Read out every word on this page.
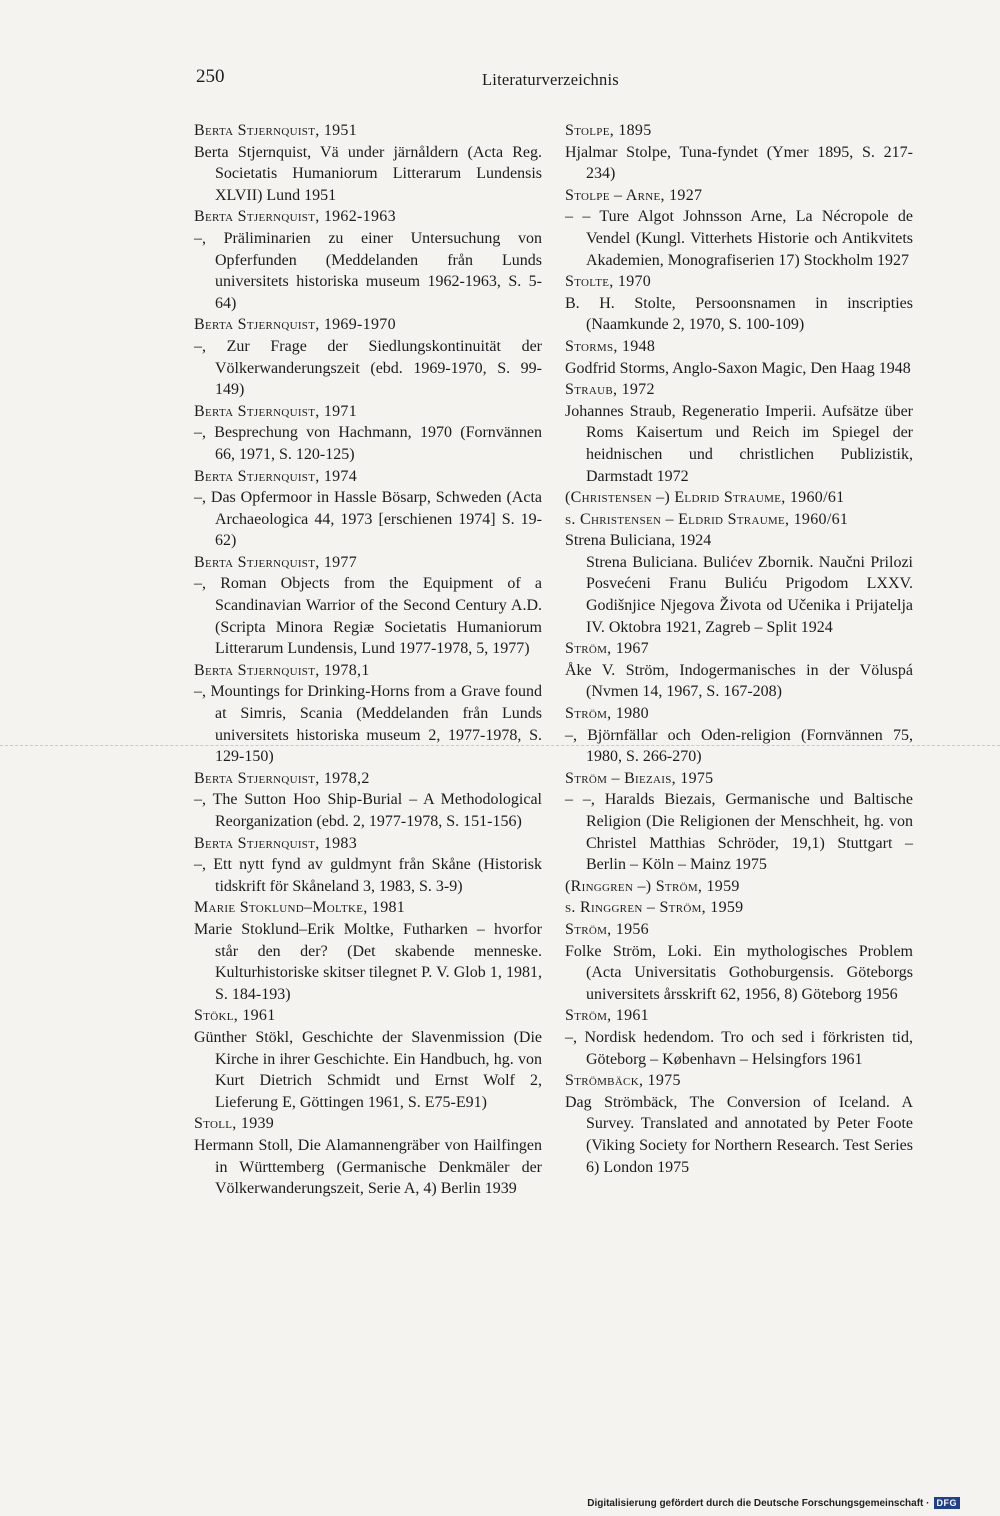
250	Literaturverzeichnis

Berta Stjernquist, 1951

Berta Stjernquist, Vä under järnåldern (Acta Reg. Societatis Humaniorum Litterarum Lundensis XLVII) Lund 1951

Berta Stjernquist, 1962-1963

–, Präliminarien zu einer Untersuchung von Opferfunden (Meddelanden från Lunds universitets historiska museum 1962-1963, S. 5-64)

Berta Stjernquist, 1969-1970

–, Zur Frage der Siedlungskontinuität der Völkerwanderungszeit (ebd. 1969-1970, S. 99-149)

Berta Stjernquist, 1971

–, Besprechung von Hachmann, 1970 (Fornvännen 66, 1971, S. 120-125)

Berta Stjernquist, 1974

–, Das Opfermoor in Hassle Bösarp, Schweden (Acta Archaeologica 44, 1973 [erschienen 1974] S. 19-62)

Berta Stjernquist, 1977

–, Roman Objects from the Equipment of a Scandinavian Warrior of the Second Century A.D. (Scripta Minora Regiæ Societatis Humaniorum Litterarum Lundensis, Lund 1977-1978, 5, 1977)

Berta Stjernquist, 1978,1

–, Mountings for Drinking-Horns from a Grave found at Simris, Scania (Meddelanden från Lunds universitets historiska museum 2, 1977-1978, S. 129-150)

Berta Stjernquist, 1978,2

–, The Sutton Hoo Ship-Burial – A Methodological Reorganization (ebd. 2, 1977-1978, S. 151-156)

Berta Stjernquist, 1983

–, Ett nytt fynd av guldmynt från Skåne (Historisk tidskrift för Skåneland 3, 1983, S. 3-9)

Marie Stoklund–Moltke, 1981

Marie Stoklund–Erik Moltke, Futharken – hvorfor står den der? (Det skabende menneske. Kulturhistoriske skitser tilegnet P. V. Glob 1, 1981, S. 184-193)

Stökl, 1961

Günther Stökl, Geschichte der Slavenmission (Die Kirche in ihrer Geschichte. Ein Handbuch, hg. von Kurt Dietrich Schmidt und Ernst Wolf 2, Lieferung E, Göttingen 1961, S. E75-E91)

Stoll, 1939

Hermann Stoll, Die Alamannengräber von Hailfingen in Württemberg (Germanische Denkmäler der Völkerwanderungszeit, Serie A, 4) Berlin 1939

Stolpe, 1895

Hjalmar Stolpe, Tuna-fyndet (Ymer 1895, S. 217-234)

Stolpe – Arne, 1927

– – Ture Algot Johnsson Arne, La Nécropole de Vendel (Kungl. Vitterhets Historie och Antikvitets Akademien, Monografiserien 17) Stockholm 1927

Stolte, 1970

B. H. Stolte, Persoonsnamen in inscripties (Naamkunde 2, 1970, S. 100-109)

Storms, 1948

Godfrid Storms, Anglo-Saxon Magic, Den Haag 1948

Straub, 1972

Johannes Straub, Regeneratio Imperii. Aufsätze über Roms Kaisertum und Reich im Spiegel der heidnischen und christlichen Publizistik, Darmstadt 1972

(Christensen –) Eldrid Straume, 1960/61

s. Christensen – Eldrid Straume, 1960/61

Strena Buliciana, 1924

Strena Buliciana. Bulićev Zbornik. Naučni Prilozi Posvećeni Franu Buliću Prigodom LXXV. Godišnjice Njegova Života od Učenika i Prijatelja IV. Oktobra 1921, Zagreb – Split 1924

Ström, 1967

Åke V. Ström, Indogermanisches in der Völuspá (Nvmen 14, 1967, S. 167-208)

Ström, 1980

–, Björnfällar och Oden-religion (Fornvännen 75, 1980, S. 266-270)

Ström – Biezais, 1975

– –, Haralds Biezais, Germanische und Baltische Religion (Die Religionen der Menschheit, hg. von Christel Matthias Schröder, 19,1) Stuttgart – Berlin – Köln – Mainz 1975

(Ringgren –) Ström, 1959

s. Ringgren – Ström, 1959

Ström, 1956

Folke Ström, Loki. Ein mythologisches Problem (Acta Universitatis Gothoburgensis. Göteborgs universitets årsskrift 62, 1956, 8) Göteborg 1956

Ström, 1961

–, Nordisk hedendom. Tro och sed i förkristen tid, Göteborg – København – Helsingfors 1961

Strömbäck, 1975

Dag Strömbäck, The Conversion of Iceland. A Survey. Translated and annotated by Peter Foote (Viking Society for Northern Research. Test Series 6) London 1975

Digitalisierung gefördert durch die Deutsche Forschungsgemeinschaft · DFG
